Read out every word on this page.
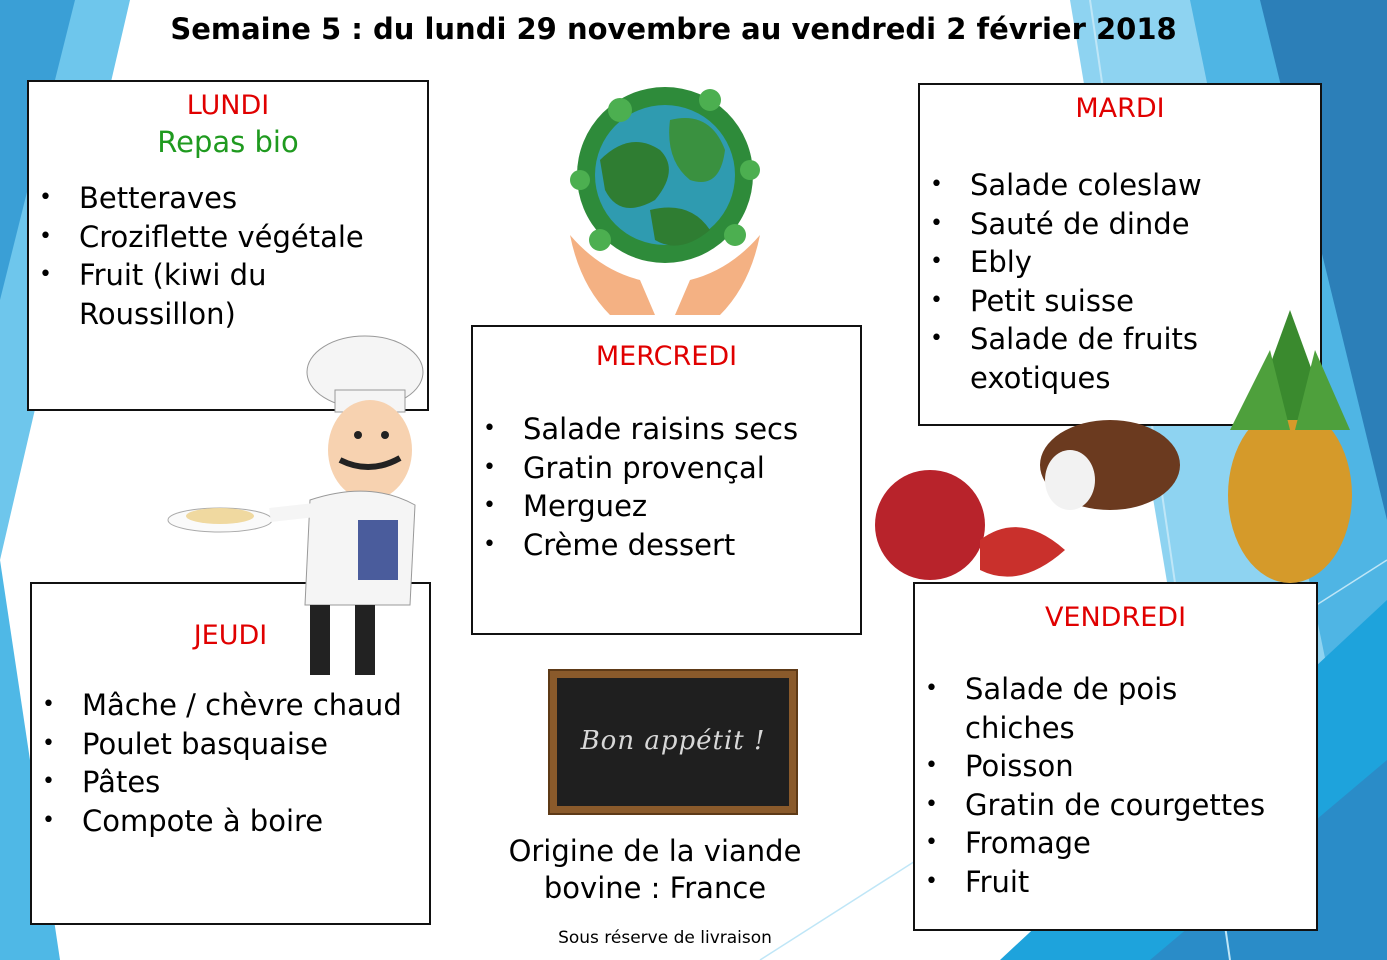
Semaine 5 : du lundi 29 novembre au vendredi 2 février 2018

LUNDI

Repas bio

• Betteraves
• Croziflette végétale
• Fruit (kiwi du Roussillon)

MARDI

• Salade coleslaw
• Sauté de dinde
• Ebly
• Petit suisse
• Salade de fruits exotiques

MERCREDI

• Salade raisins secs
• Gratin provençal
• Merguez
• Crème dessert

JEUDI

• Mâche / chèvre chaud
• Poulet basquaise
• Pâtes
• Compote à boire

VENDREDI

• Salade de pois chiches
• Poisson
• Gratin de courgettes
• Fromage
• Fruit
Bon appétit !
Origine de la viande
bovine : France
Sous réserve de livraison
